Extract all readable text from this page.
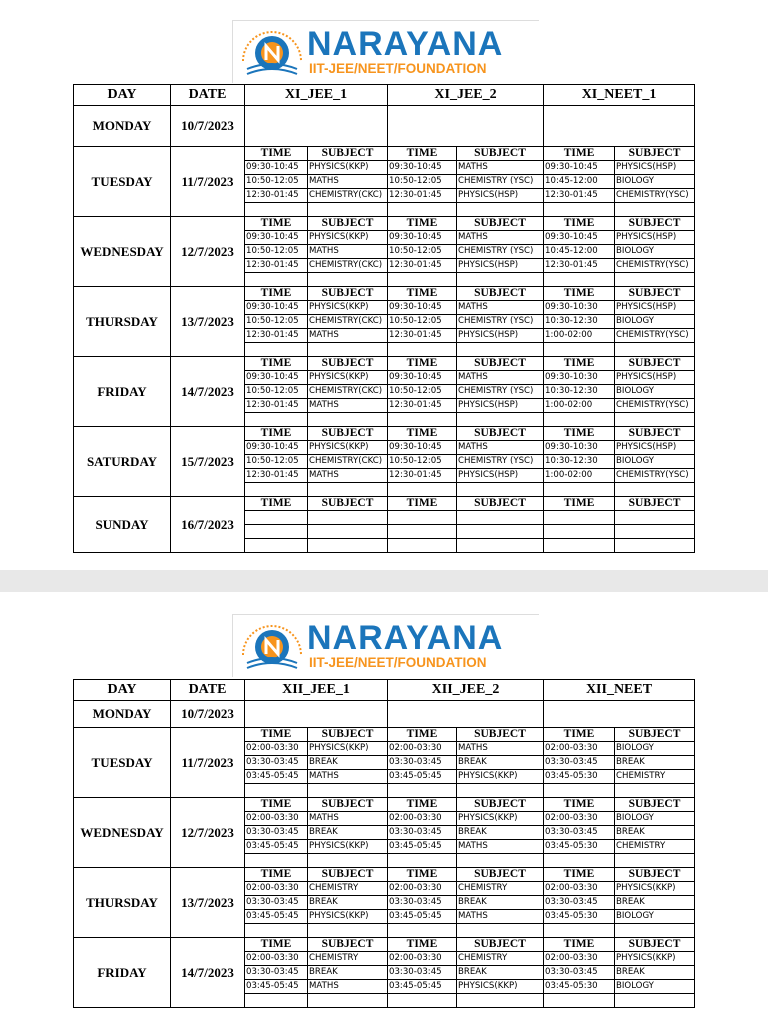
NARAYANA
IIT-JEE/NEET/FOUNDATION
DAY	DATE	XI_JEE_1		XI_JEE_2		XI_NEET_1	
MONDAY	10/7/2023						
TUESDAY	11/7/2023	TIME	SUBJECT	TIME	SUBJECT	TIME	SUBJECT
		09:30-10:45	PHYSICS(KKP)	09:30-10:45	MATHS	09:30-10:45	PHYSICS(HSP)
		10:50-12:05	MATHS	10:50-12:05	CHEMISTRY (YSC)	10:45-12:00	BIOLOGY
		12:30-01:45	CHEMISTRY(CKC)	12:30-01:45	PHYSICS(HSP)	12:30-01:45	CHEMISTRY(YSC)

WEDNESDAY	12/7/2023	TIME	SUBJECT	TIME	SUBJECT	TIME	SUBJECT
		09:30-10:45	PHYSICS(KKP)	09:30-10:45	MATHS	09:30-10:45	PHYSICS(HSP)
		10:50-12:05	MATHS	10:50-12:05	CHEMISTRY (YSC)	10:45-12:00	BIOLOGY
		12:30-01:45	CHEMISTRY(CKC)	12:30-01:45	PHYSICS(HSP)	12:30-01:45	CHEMISTRY(YSC)

THURSDAY	13/7/2023	TIME	SUBJECT	TIME	SUBJECT	TIME	SUBJECT
		09:30-10:45	PHYSICS(KKP)	09:30-10:45	MATHS	09:30-10:30	PHYSICS(HSP)
		10:50-12:05	CHEMISTRY(CKC)	10:50-12:05	CHEMISTRY (YSC)	10:30-12:30	BIOLOGY
		12:30-01:45	MATHS	12:30-01:45	PHYSICS(HSP)	1:00-02:00	CHEMISTRY(YSC)

FRIDAY	14/7/2023	TIME	SUBJECT	TIME	SUBJECT	TIME	SUBJECT
		09:30-10:45	PHYSICS(KKP)	09:30-10:45	MATHS	09:30-10:30	PHYSICS(HSP)
		10:50-12:05	CHEMISTRY(CKC)	10:50-12:05	CHEMISTRY (YSC)	10:30-12:30	BIOLOGY
		12:30-01:45	MATHS	12:30-01:45	PHYSICS(HSP)	1:00-02:00	CHEMISTRY(YSC)

SATURDAY	15/7/2023	TIME	SUBJECT	TIME	SUBJECT	TIME	SUBJECT
		09:30-10:45	PHYSICS(KKP)	09:30-10:45	MATHS	09:30-10:30	PHYSICS(HSP)
		10:50-12:05	CHEMISTRY(CKC)	10:50-12:05	CHEMISTRY (YSC)	10:30-12:30	BIOLOGY
		12:30-01:45	MATHS	12:30-01:45	PHYSICS(HSP)	1:00-02:00	CHEMISTRY(YSC)

SUNDAY	16/7/2023	TIME	SUBJECT	TIME	SUBJECT	TIME	SUBJECT

NARAYANA
IIT-JEE/NEET/FOUNDATION
DAY	DATE	XII_JEE_1		XII_JEE_2		XII_NEET	
MONDAY	10/7/2023						
TUESDAY	11/7/2023	TIME	SUBJECT	TIME	SUBJECT	TIME	SUBJECT
		02:00-03:30	PHYSICS(KKP)	02:00-03:30	MATHS	02:00-03:30	BIOLOGY
		03:30-03:45	BREAK	03:30-03:45	BREAK	03:30-03:45	BREAK
		03:45-05:45	MATHS	03:45-05:45	PHYSICS(KKP)	03:45-05:30	CHEMISTRY

WEDNESDAY	12/7/2023	TIME	SUBJECT	TIME	SUBJECT	TIME	SUBJECT
		02:00-03:30	MATHS	02:00-03:30	PHYSICS(KKP)	02:00-03:30	BIOLOGY
		03:30-03:45	BREAK	03:30-03:45	BREAK	03:30-03:45	BREAK
		03:45-05:45	PHYSICS(KKP)	03:45-05:45	MATHS	03:45-05:30	CHEMISTRY

THURSDAY	13/7/2023	TIME	SUBJECT	TIME	SUBJECT	TIME	SUBJECT
		02:00-03:30	CHEMISTRY	02:00-03:30	CHEMISTRY	02:00-03:30	PHYSICS(KKP)
		03:30-03:45	BREAK	03:30-03:45	BREAK	03:30-03:45	BREAK
		03:45-05:45	PHYSICS(KKP)	03:45-05:45	MATHS	03:45-05:30	BIOLOGY

FRIDAY	14/7/2023	TIME	SUBJECT	TIME	SUBJECT	TIME	SUBJECT
		02:00-03:30	CHEMISTRY	02:00-03:30	CHEMISTRY	02:00-03:30	PHYSICS(KKP)
		03:30-03:45	BREAK	03:30-03:45	BREAK	03:30-03:45	BREAK
		03:45-05:45	MATHS	03:45-05:45	PHYSICS(KKP)	03:45-05:30	BIOLOGY
